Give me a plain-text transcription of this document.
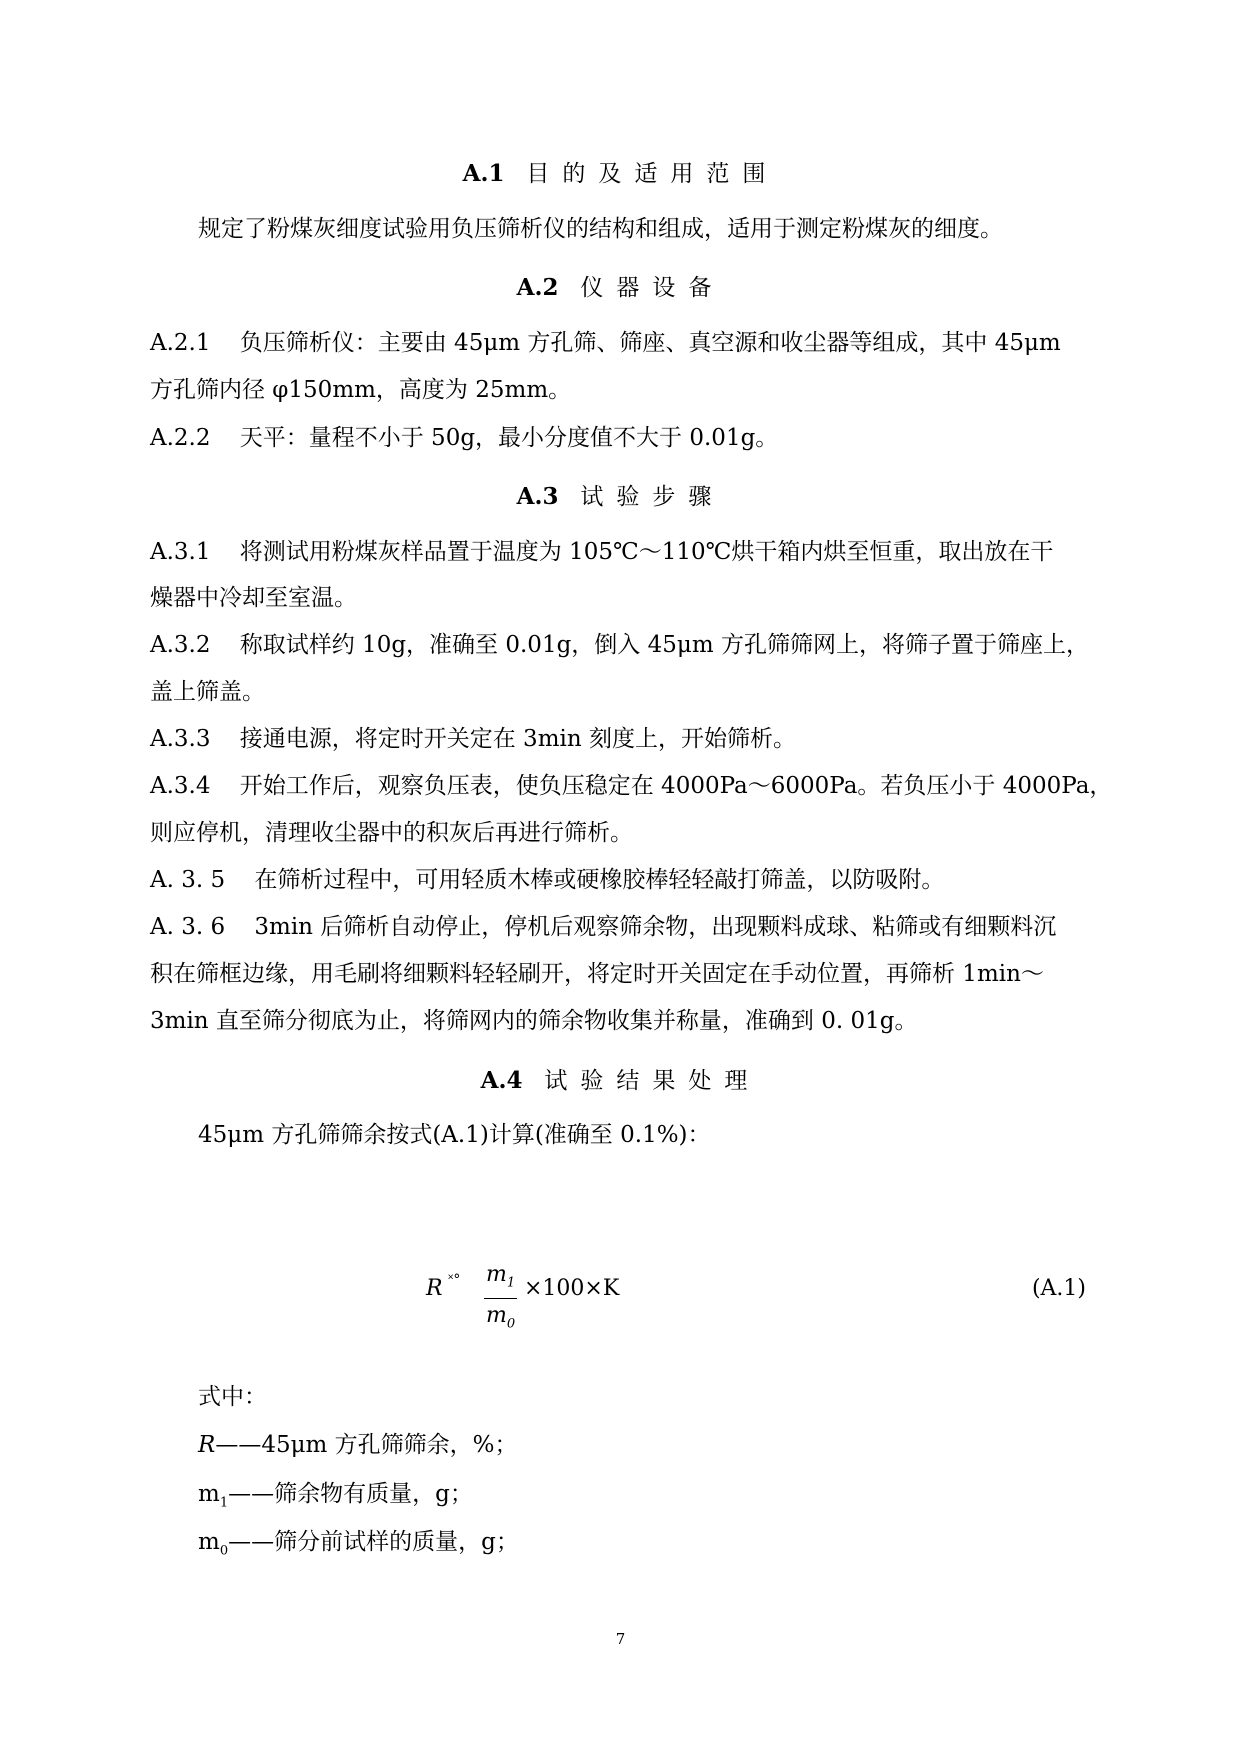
A.1 目的及适用范围
规定了粉煤灰细度试验用负压筛析仪的结构和组成，适用于测定粉煤灰的细度。
A.2 仪器设备
A.2.1 负压筛析仪：主要由 45μm 方孔筛、筛座、真空源和收尘器等组成，其中 45μm
方孔筛内径 φ150mm，高度为 25mm。
A.2.2 天平：量程不小于 50g，最小分度值不大于 0.01g。
A.3 试验步骤
A.3.1 将测试用粉煤灰样品置于温度为 105℃～110℃烘干箱内烘至恒重，取出放在干
燥器中冷却至室温。
A.3.2 称取试样约 10g，准确至 0.01g，倒入 45μm 方孔筛筛网上，将筛子置于筛座上，
盖上筛盖。
A.3.3 接通电源，将定时开关定在 3min 刻度上，开始筛析。
A.3.4 开始工作后，观察负压表，使负压稳定在 4000Pa～6000Pa。若负压小于 4000Pa，
则应停机，清理收尘器中的积灰后再进行筛析。
A. 3. 5 在筛析过程中，可用轻质木棒或硬橡胶棒轻轻敲打筛盖，以防吸附。
A. 3. 6 3min 后筛析自动停止，停机后观察筛余物，出现颗料成球、粘筛或有细颗料沉
积在筛框边缘，用毛刷将细颗料轻轻刷开，将定时开关固定在手动位置，再筛析 1min～
3min 直至筛分彻底为止，将筛网内的筛余物收集并称量，准确到 0. 01g。
A.4 试验结果处理
45μm 方孔筛筛余按式(A.1)计算(准确至 0.1%)：
R ˟° $\frac{m_1}{m_0} \times 100\times K$	(A.1)
式中：
R——45μm 方孔筛筛余，%；
$m_1——$筛余物有质量，g；
$m_0——$筛分前试样的质量，g；
7
